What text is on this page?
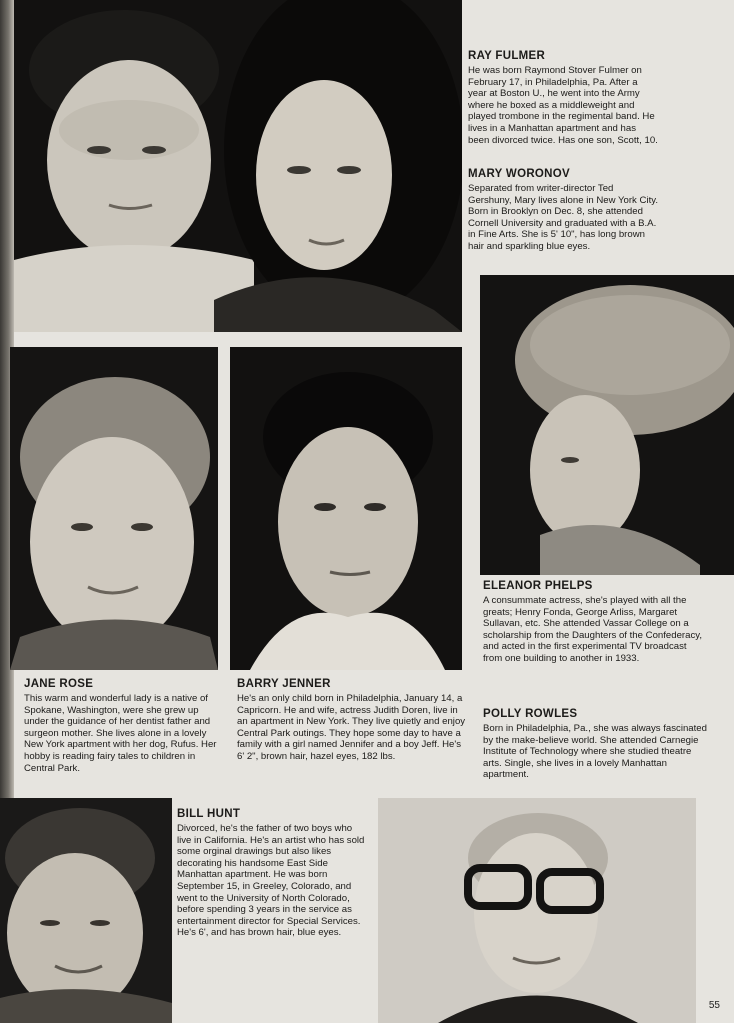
RAY FULMER

He was born Raymond Stover Fulmer on February 17, in Philadelphia, Pa. After a year at Boston U., he went into the Army where he boxed as a middleweight and played trombone in the regimental band. He lives in a Manhattan apartment and has been divorced twice. Has one son, Scott, 10.

MARY WORONOV

Separated from writer-director Ted Gershuny, Mary lives alone in New York City. Born in Brooklyn on Dec. 8, she attended Cornell University and graduated with a B.A. in Fine Arts. She is 5' 10", has long brown hair and sparkling blue eyes.

ELEANOR PHELPS

A consummate actress, she's played with all the greats; Henry Fonda, George Arliss, Margaret Sullavan, etc. She attended Vassar College on a scholarship from the Daughters of the Confederacy, and acted in the first experimental TV broadcast from one building to another in 1933.

JANE ROSE

This warm and wonderful lady is a native of Spokane, Washington, were she grew up under the guidance of her dentist father and surgeon mother. She lives alone in a lovely New York apartment with her dog, Rufus. Her hobby is reading fairy tales to children in Central Park.

BARRY JENNER

He's an only child born in Philadelphia, January 14, a Capricorn. He and wife, actress Judith Doren, live in an apartment in New York. They live quietly and enjoy Central Park outings. They hope some day to have a family with a girl named Jennifer and a boy Jeff. He's 6' 2", brown hair, hazel eyes, 182 lbs.

POLLY ROWLES

Born in Philadelphia, Pa., she was always fascinated by the make-believe world. She attended Carnegie Institute of Technology where she studied theatre arts. Single, she lives in a lovely Manhattan apartment.

BILL HUNT

Divorced, he's the father of two boys who live in California. He's an artist who has sold some orginal drawings but also likes decorating his handsome East Side Manhattan apartment. He was born September 15, in Greeley, Colorado, and went to the University of North Colorado, before spending 3 years in the service as entertainment director for Special Services. He's 6', and has brown hair, blue eyes.

55
